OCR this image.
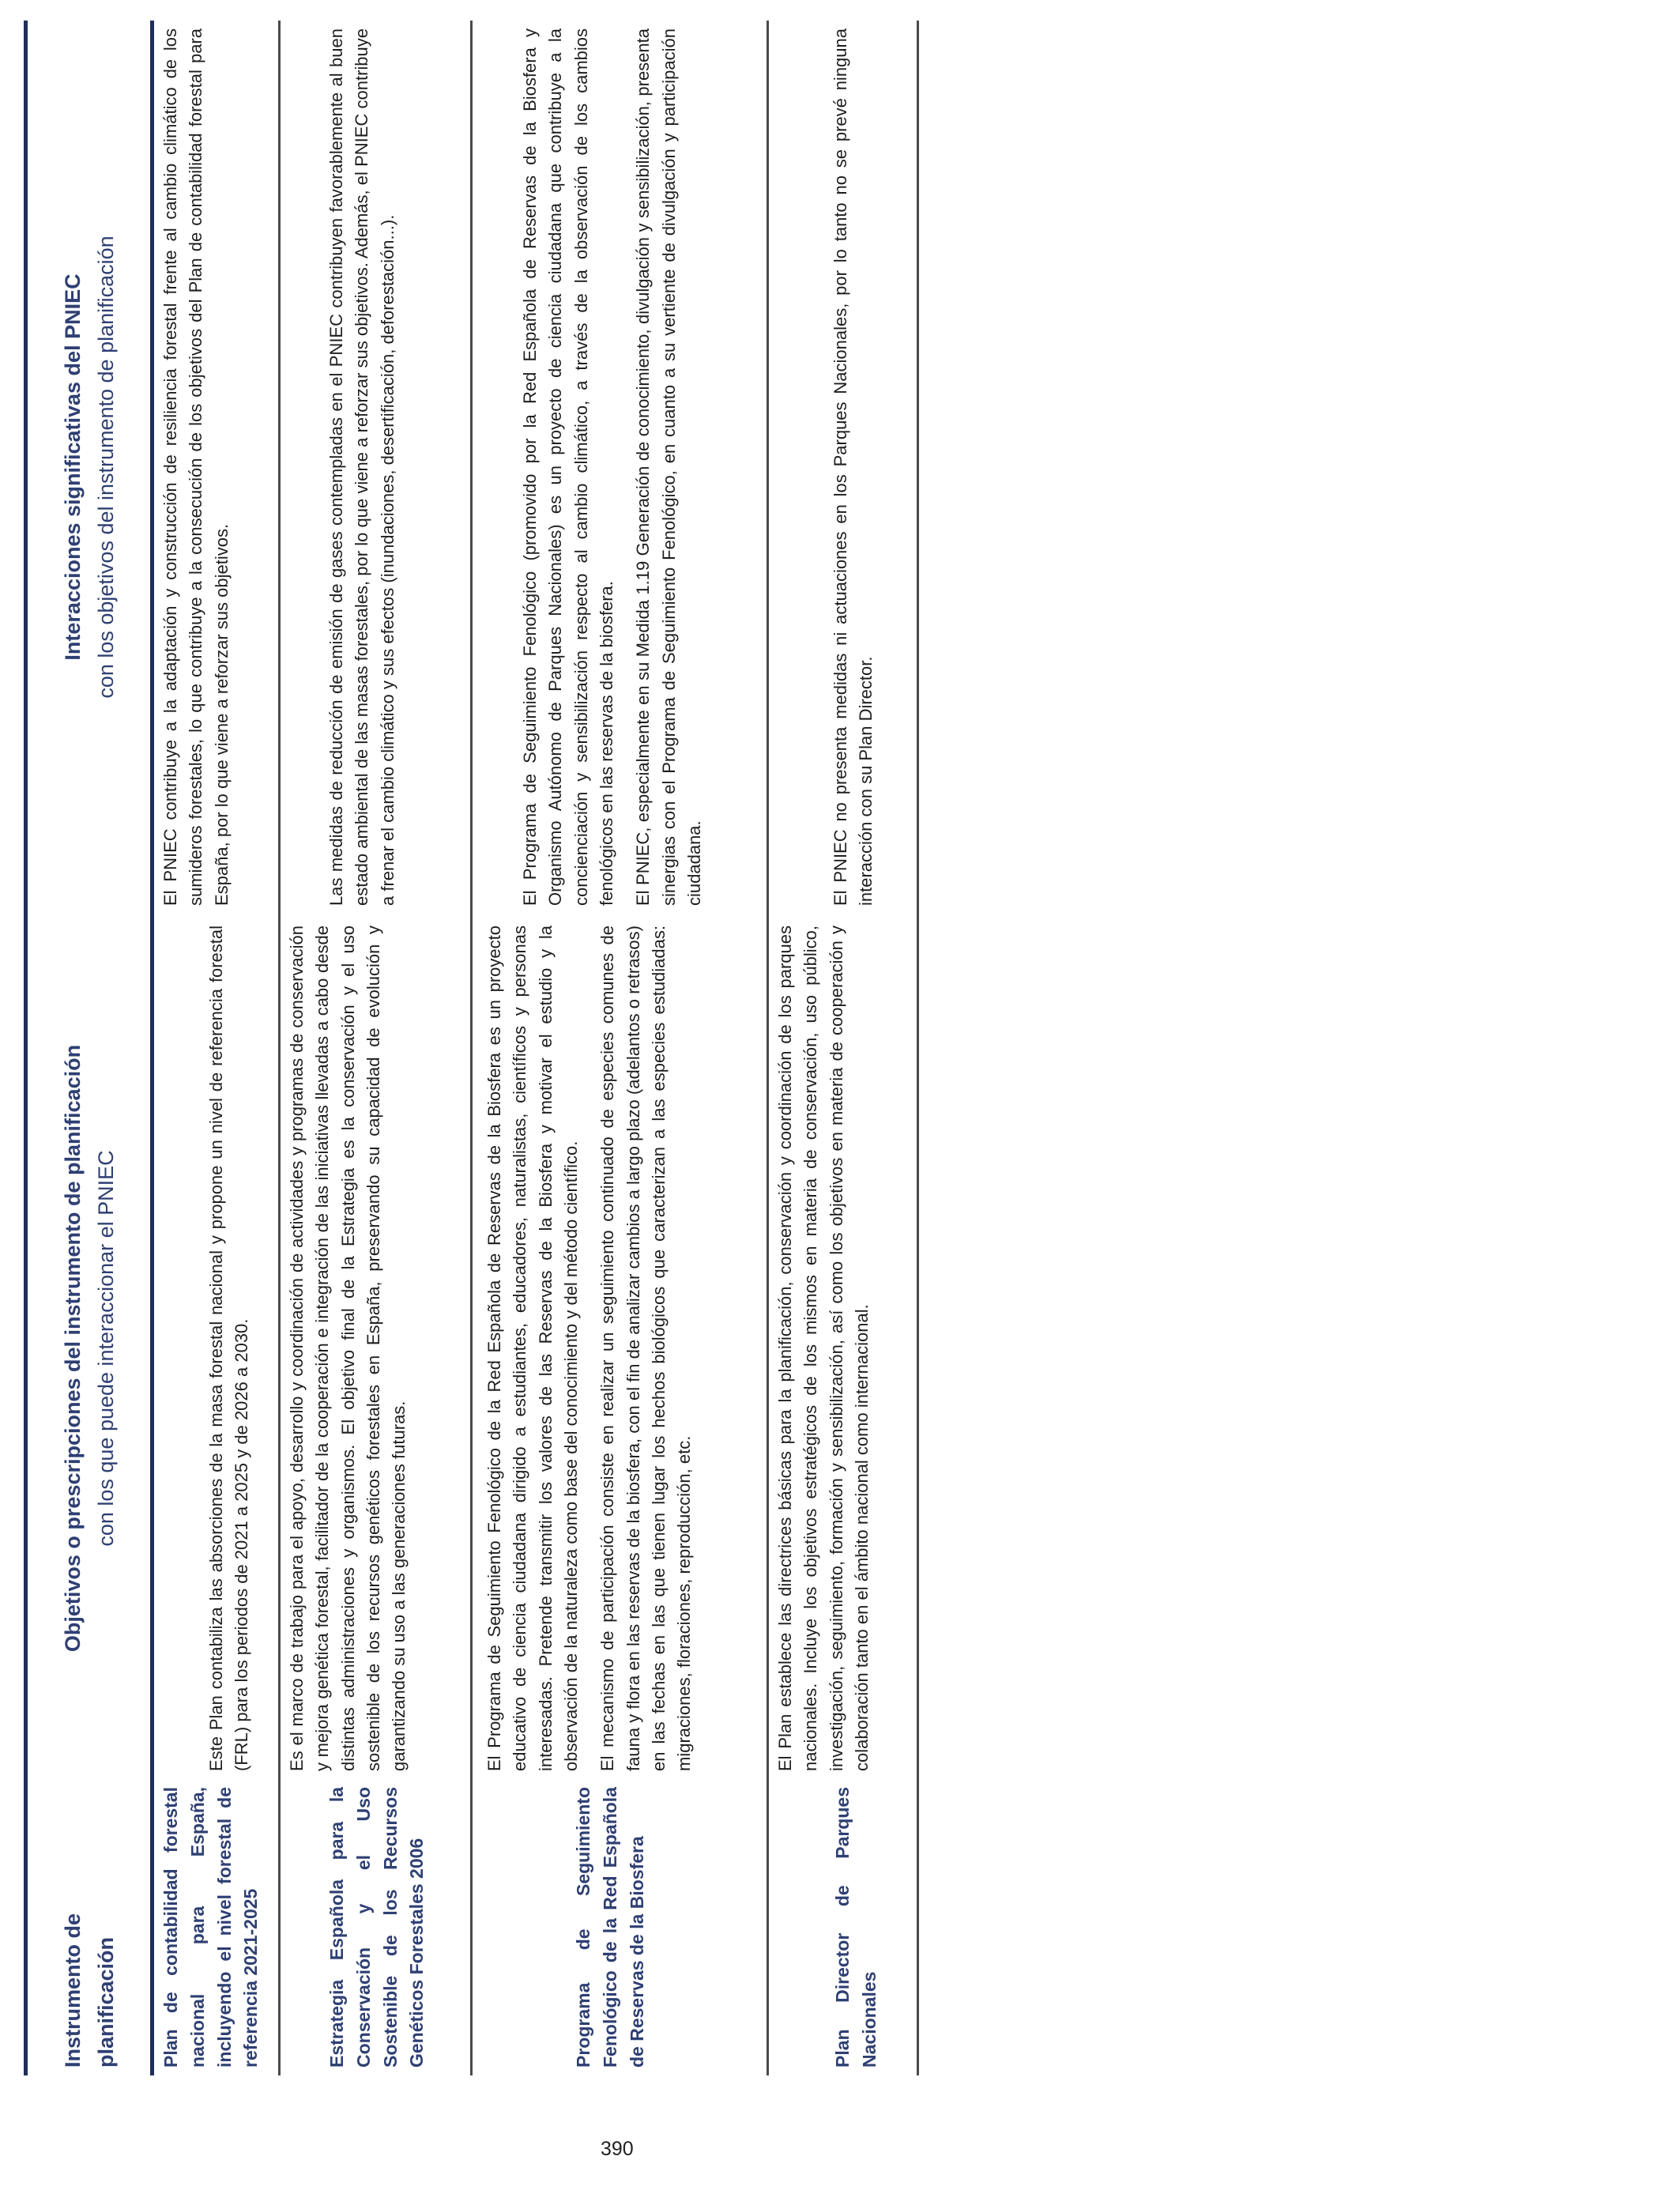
Instrumento de planificación
Objetivos o prescripciones del instrumento de planificación con los que puede interaccionar el PNIEC
Interacciones significativas del PNIEC con los objetivos del instrumento de planificación
Plan de contabilidad forestal nacional para España, incluyendo el nivel forestal de referencia 2021-2025
Este Plan contabiliza las absorciones de la masa forestal nacional y propone un nivel de referencia forestal (FRL) para los periodos de 2021 a 2025 y de 2026 a 2030.
El PNIEC contribuye a la adaptación y construcción de resiliencia forestal frente al cambio climático de los sumideros forestales, lo que contribuye a la consecución de los objetivos del Plan de contabilidad forestal para España, por lo que viene a reforzar sus objetivos.
Estrategia Española para la Conservación y el Uso Sostenible de los Recursos Genéticos Forestales 2006
Es el marco de trabajo para el apoyo, desarrollo y coordinación de actividades y programas de conservación y mejora genética forestal, facilitador de la cooperación e integración de las iniciativas llevadas a cabo desde distintas administraciones y organismos. El objetivo final de la Estrategia es la conservación y el uso sostenible de los recursos genéticos forestales en España, preservando su capacidad de evolución y garantizando su uso a las generaciones futuras.
Las medidas de reducción de emisión de gases contempladas en el PNIEC contribuyen favorablemente al buen estado ambiental de las masas forestales, por lo que viene a reforzar sus objetivos. Además, el PNIEC contribuye a frenar el cambio climático y sus efectos (inundaciones, desertificación, deforestación...).
Programa de Seguimiento Fenológico de la Red Española de Reservas de la Biosfera
El Programa de Seguimiento Fenológico de la Red Española de Reservas de la Biosfera es un proyecto educativo de ciencia ciudadana dirigido a estudiantes, educadores, naturalistas, científicos y personas interesadas. Pretende transmitir los valores de las Reservas de la Biosfera y motivar el estudio y la observación de la naturaleza como base del conocimiento y del método científico. El mecanismo de participación consiste en realizar un seguimiento continuado de especies comunes de fauna y flora en las reservas de la biosfera, con el fin de analizar cambios a largo plazo (adelantos o retrasos) en las fechas en las que tienen lugar los hechos biológicos que caracterizan a las especies estudiadas: migraciones, floraciones, reproducción, etc.
El Programa de Seguimiento Fenológico (promovido por la Red Española de Reservas de la Biosfera y Organismo Autónomo de Parques Nacionales) es un proyecto de ciencia ciudadana que contribuye a la concienciación y sensibilización respecto al cambio climático, a través de la observación de los cambios fenológicos en las reservas de la biosfera. El PNIEC, especialmente en su Medida 1.19 Generación de conocimiento, divulgación y sensibilización, presenta sinergias con el Programa de Seguimiento Fenológico, en cuanto a su vertiente de divulgación y participación ciudadana.
Plan Director de Parques Nacionales
El Plan establece las directrices básicas para la planificación, conservación y coordinación de los parques nacionales. Incluye los objetivos estratégicos de los mismos en materia de conservación, uso público, investigación, seguimiento, formación y sensibilización, así como los objetivos en materia de cooperación y colaboración tanto en el ámbito nacional como internacional.
El PNIEC no presenta medidas ni actuaciones en los Parques Nacionales, por lo tanto no se prevé ninguna interacción con su Plan Director.
390
